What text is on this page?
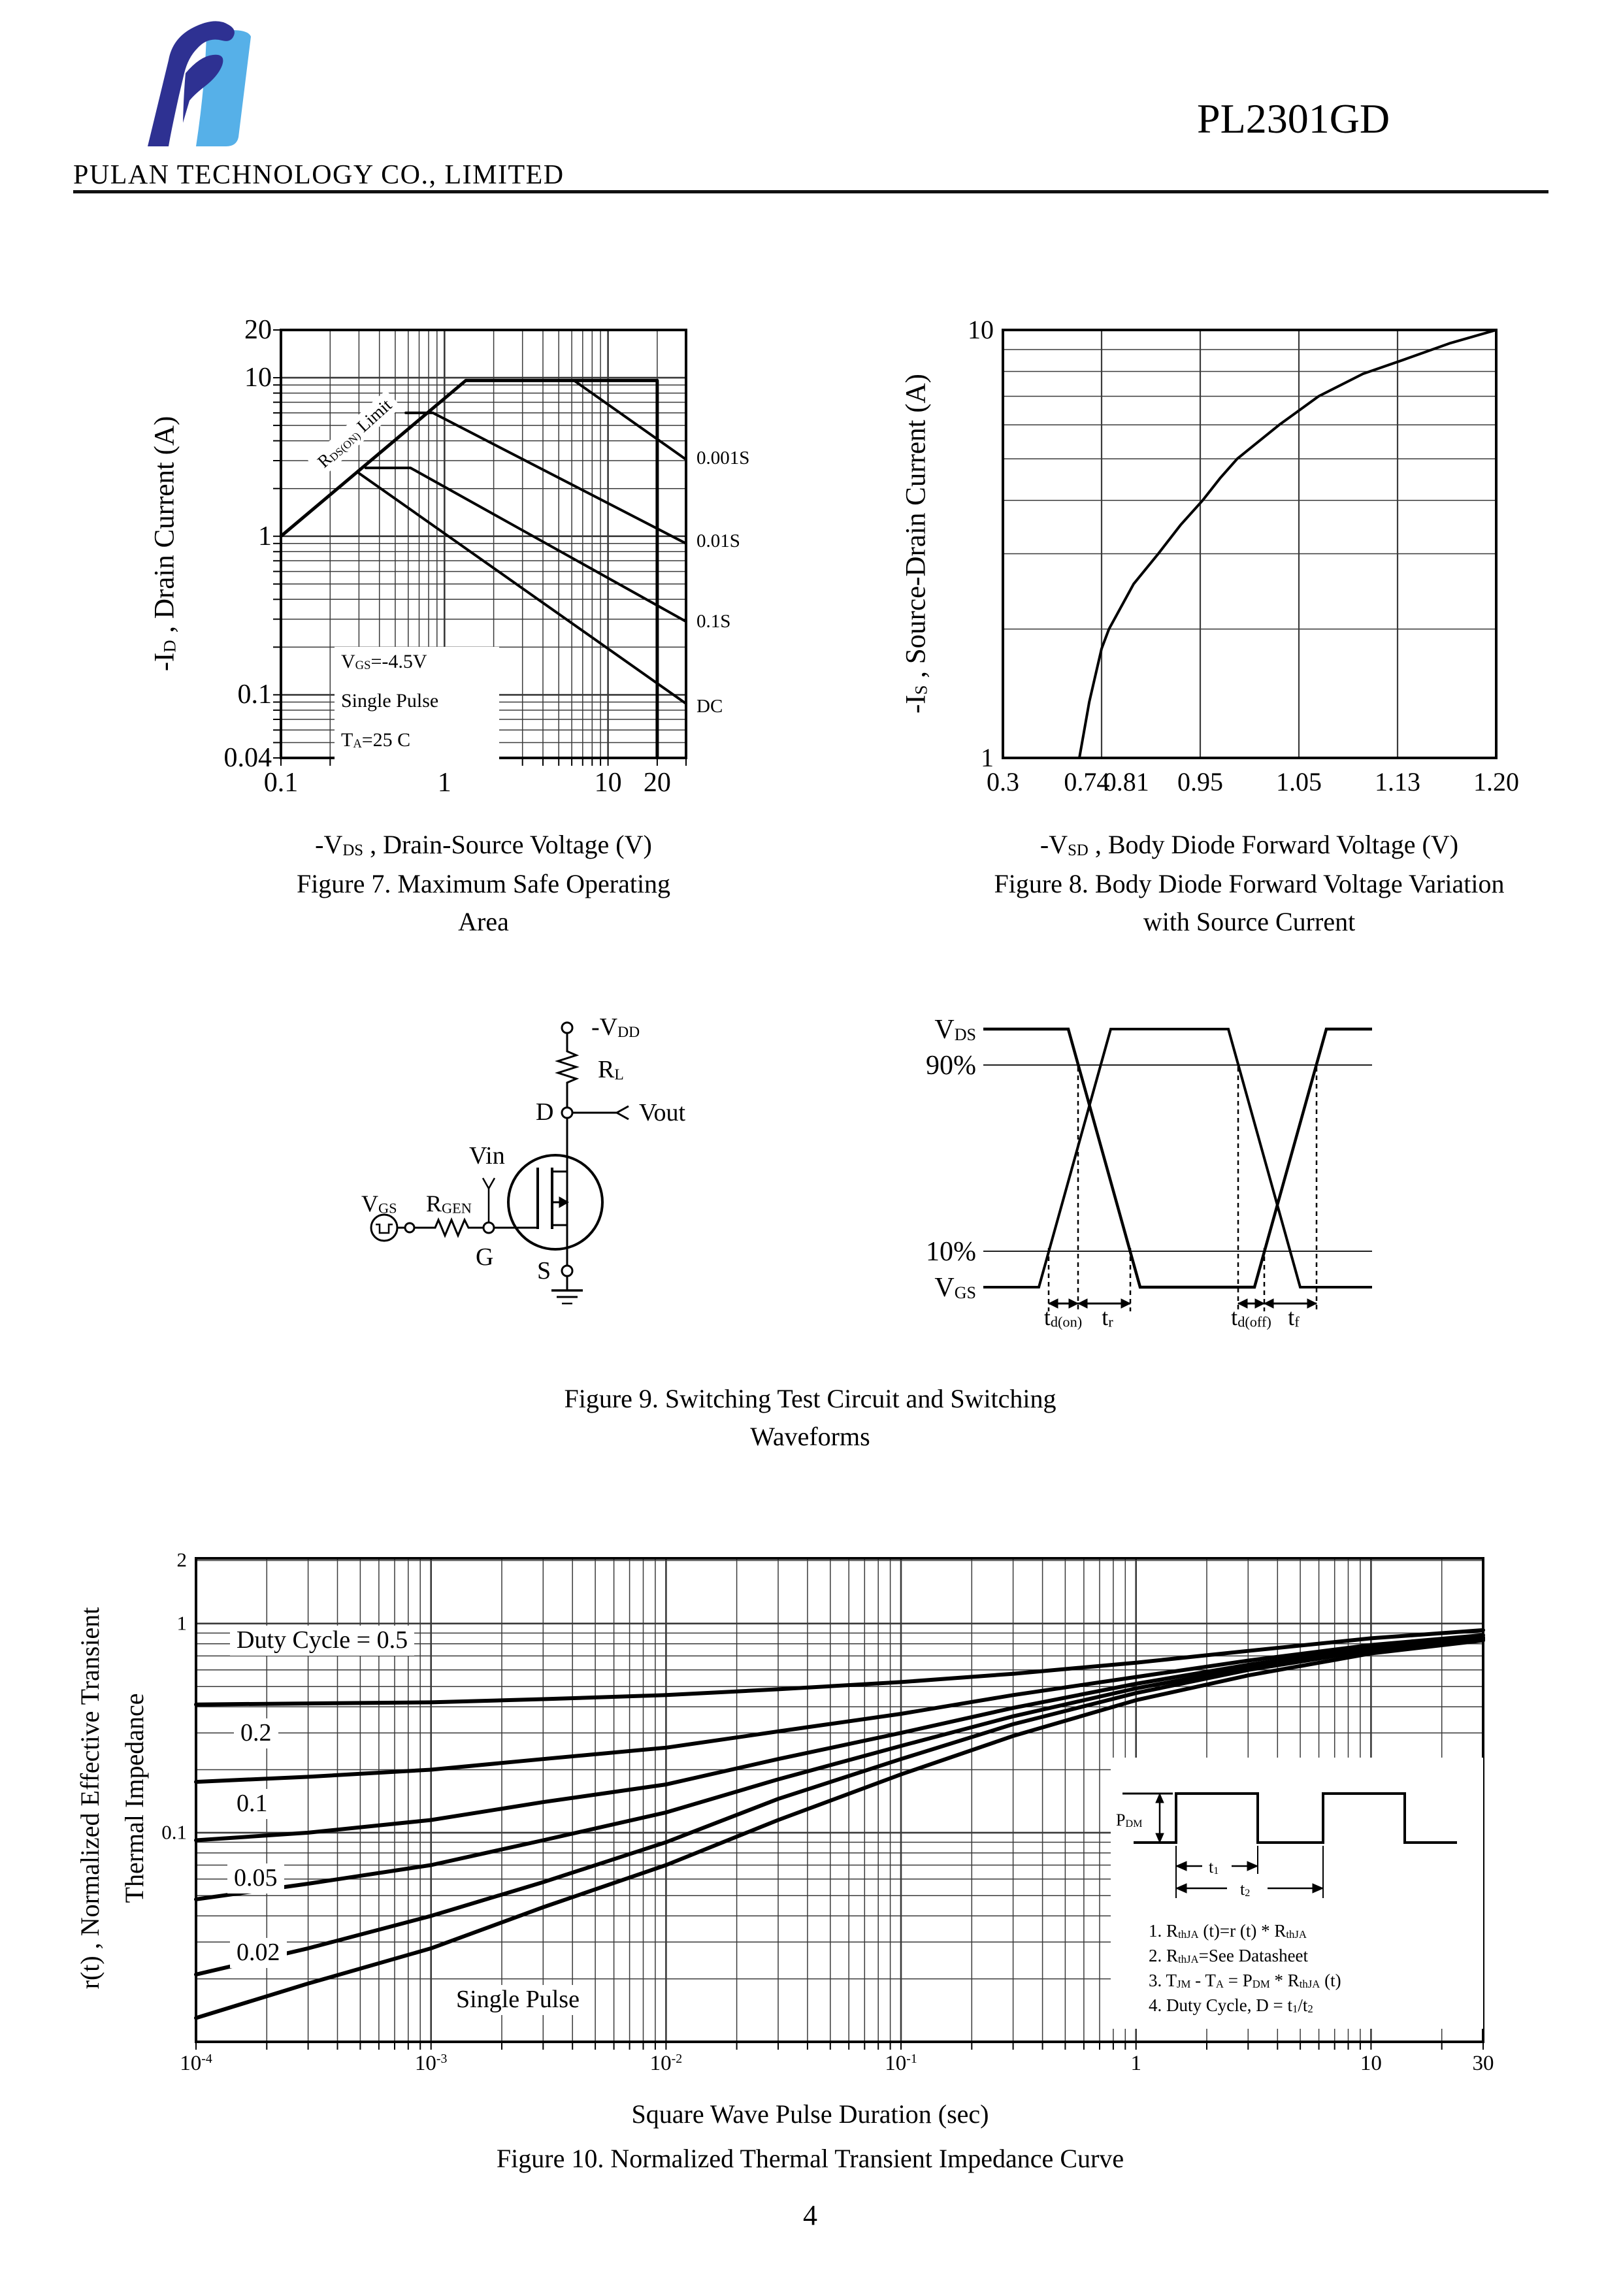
PULAN TECHNOLOGY CO., LIMITED
PL2301GD
-ID , Drain Current (A)	RDS(ON) Limit
VGS=-4.5V
Single Pulse
TA=25 C
-VDS , Drain-Source Voltage (V)
Figure 7. Maximum Safe Operating
Area
-IS , Source-Drain Current (A)
-VSD , Body Diode Forward Voltage (V)
Figure 8. Body Diode Forward Voltage Variation
with Source Current
-VDD
RL
D	Vout
Vin
VGS RGEN
G S
VDS
90%
10%
VGS
td(on) tr	td(off) tf
Figure 9. Switching Test Circuit and Switching
Waveforms
r(t) , Normalized Effective Transient Thermal Impedance
Duty Cycle = 0.5
0.2
0.1
0.05
0.02
Single Pulse
PDM
t1
t2
1. RthJA (t)=r (t) * RthJA
2. RthJA=See Datasheet
3. TJM - TA = PDM * RthJA (t)
4. Duty Cycle, D = t1/t2
Square Wave Pulse Duration (sec)
Figure 10. Normalized Thermal Transient Impedance Curve
4
0.1	1	10 20
20
10
1
0.1
0.04
0.001S
0.01S
0.1S
DC
0.3 0.74
0.81 0.95 1.05 1.13 1.20
10
1
$10^{-4}$	$10^{-3}$	$10^{-2}$	$10^{-1}$	1	10	30
2
1
0.1
